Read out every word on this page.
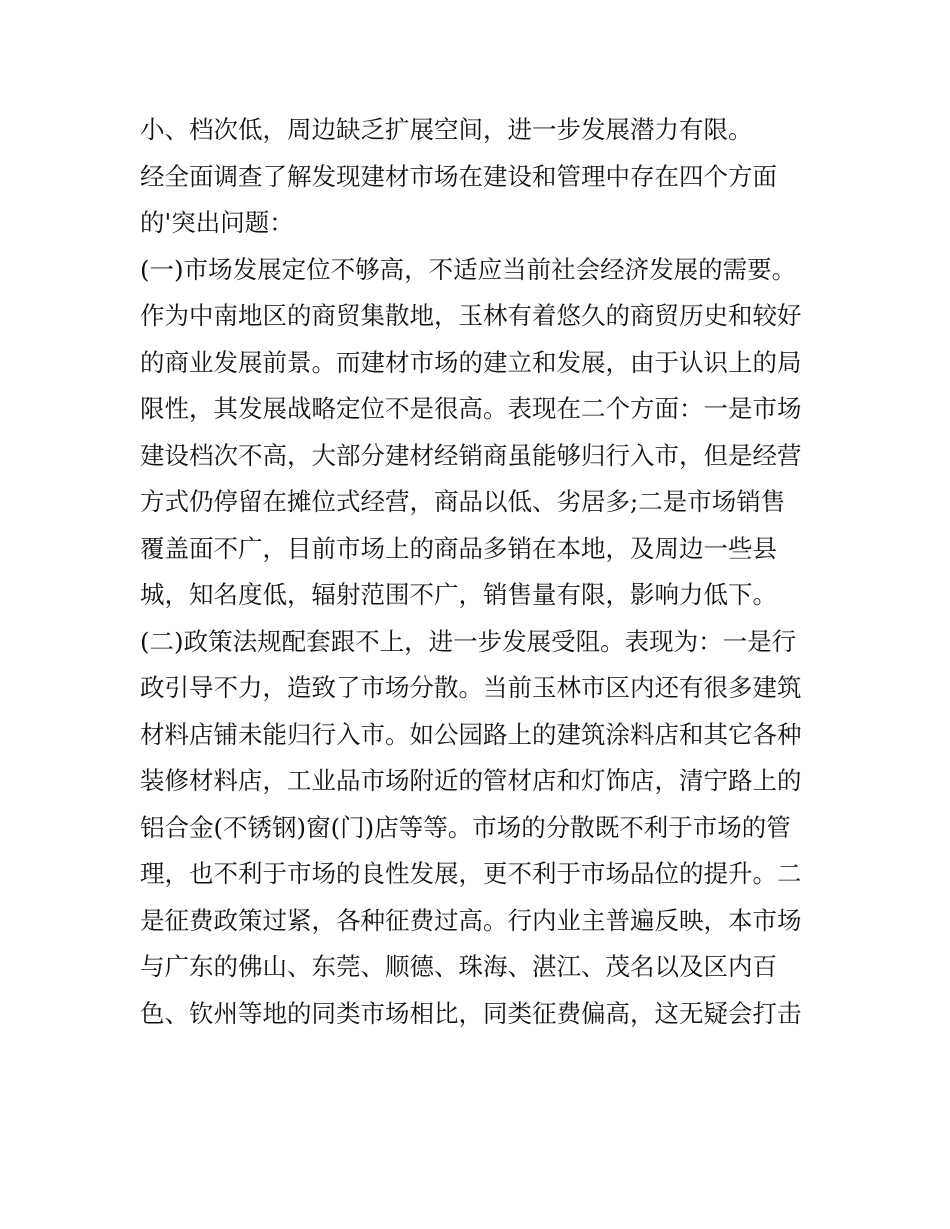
小、档次低，周边缺乏扩展空间，进一步发展潜力有限。
经全面调查了解发现建材市场在建设和管理中存在四个方面
的'突出问题：
(一)市场发展定位不够高，不适应当前社会经济发展的需要。
作为中南地区的商贸集散地，玉林有着悠久的商贸历史和较好
的商业发展前景。而建材市场的建立和发展，由于认识上的局
限性，其发展战略定位不是很高。表现在二个方面：一是市场
建设档次不高，大部分建材经销商虽能够归行入市，但是经营
方式仍停留在摊位式经营，商品以低、劣居多;二是市场销售
覆盖面不广，目前市场上的商品多销在本地，及周边一些县
城，知名度低，辐射范围不广，销售量有限，影响力低下。
(二)政策法规配套跟不上，进一步发展受阻。表现为：一是行
政引导不力，造致了市场分散。当前玉林市区内还有很多建筑
材料店铺未能归行入市。如公园路上的建筑涂料店和其它各种
装修材料店，工业品市场附近的管材店和灯饰店，清宁路上的
铝合金(不锈钢)窗(门)店等等。市场的分散既不利于市场的管
理，也不利于市场的良性发展，更不利于市场品位的提升。二
是征费政策过紧，各种征费过高。行内业主普遍反映，本市场
与广东的佛山、东莞、顺德、珠海、湛江、茂名以及区内百
色、钦州等地的同类市场相比，同类征费偏高，这无疑会打击
